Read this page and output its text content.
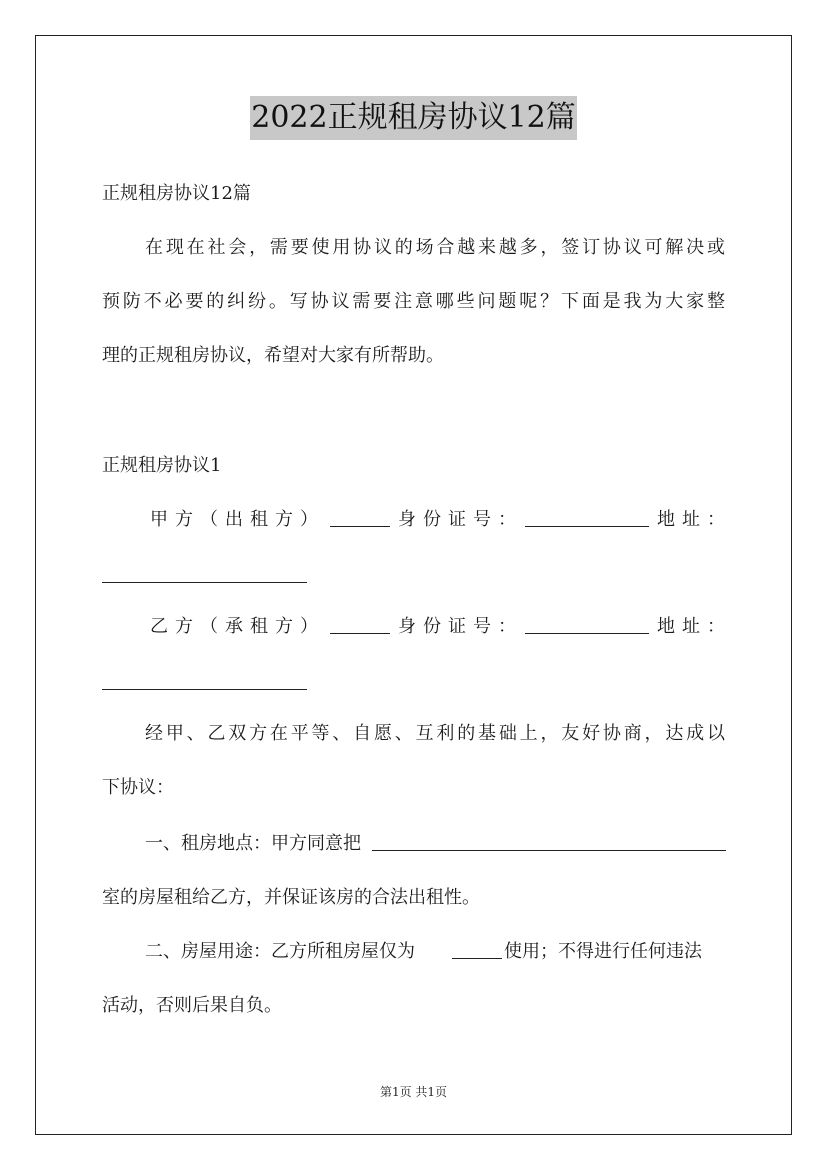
2022正规租房协议12篇
正规租房协议12篇
在现在社会，需要使用协议的场合越来越多，签订协议可解决或
预防不必要的纠纷。写协议需要注意哪些问题呢？下面是我为大家整
理的正规租房协议，希望对大家有所帮助。
正规租房协议1
甲方（出租方）	身份证号：	地址：
乙方（承租方）	身份证号：	地址：
经甲、乙双方在平等、自愿、互利的基础上，友好协商，达成以
下协议：
一、租房地点：甲方同意把
室的房屋租给乙方，并保证该房的合法出租性。
二、房屋用途：乙方所租房屋仅为	使用；不得进行任何违法
活动，否则后果自负。
第1页 共1页
